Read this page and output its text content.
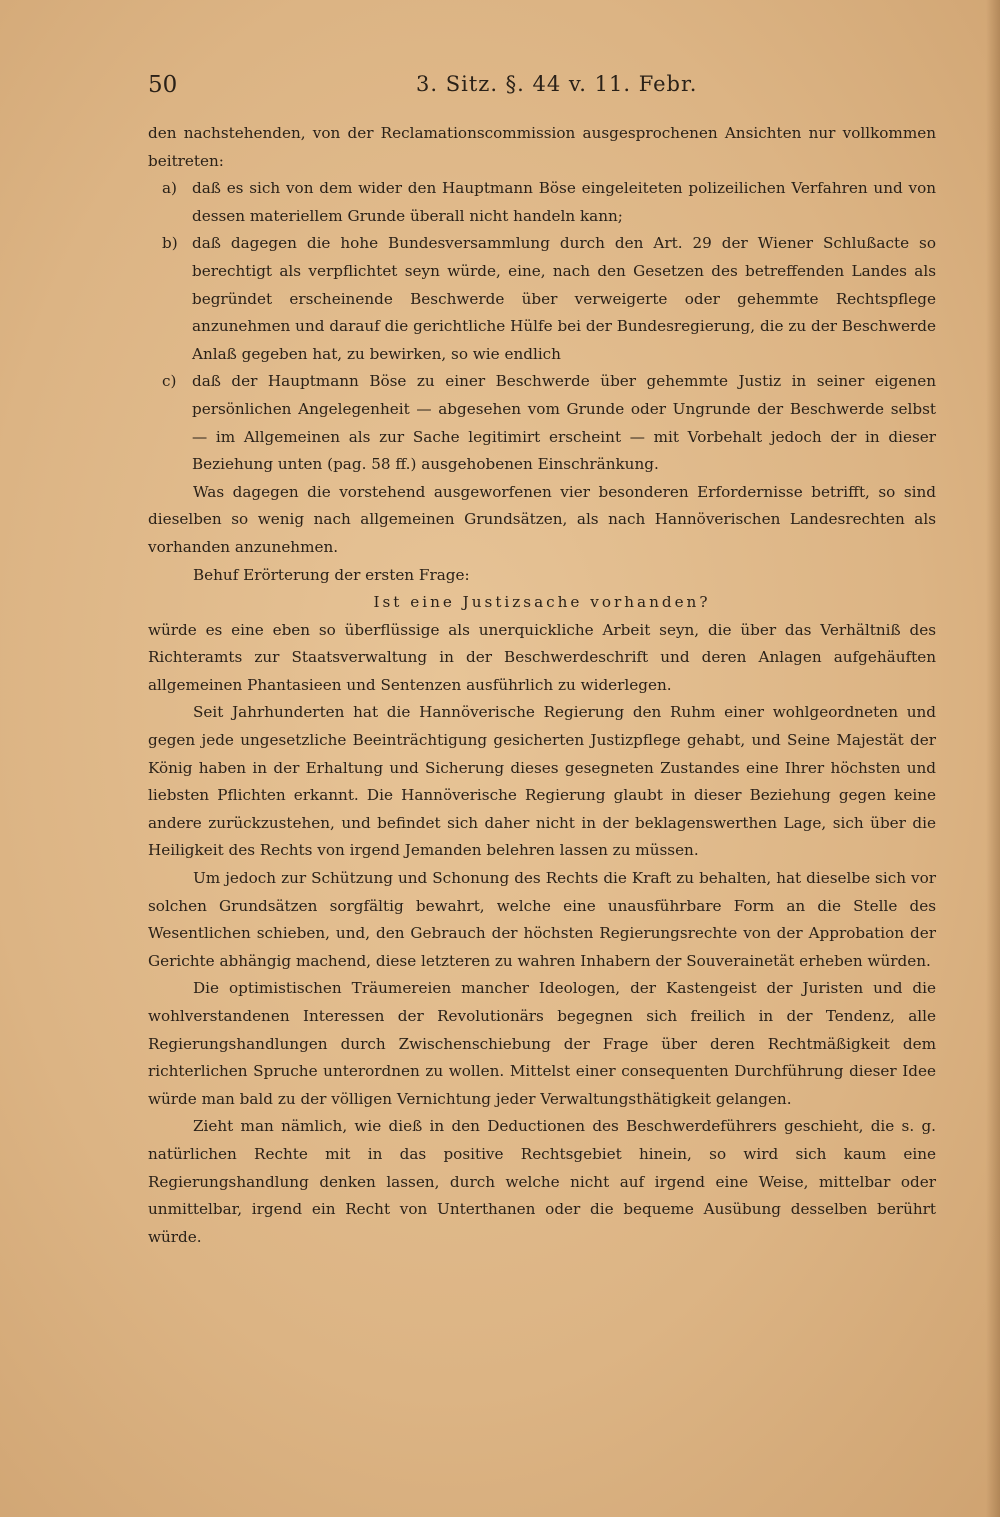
50	3. Sitz. §. 44 v. 11. Febr.

den nachstehenden, von der Reclamationscommission ausgesprochenen Ansichten nur vollkommen beitreten:

a) daß es sich von dem wider den Hauptmann Böse eingeleiteten polizeilichen Verfahren und von dessen materiellem Grunde überall nicht handeln kann;
b) daß dagegen die hohe Bundesversammlung durch den Art. 29 der Wiener Schlußacte so berechtigt als verpflichtet seyn würde, eine, nach den Gesetzen des betreffenden Landes als begründet erscheinende Beschwerde über verweigerte oder gehemmte Rechtspflege anzunehmen und darauf die gerichtliche Hülfe bei der Bundesregierung, die zu der Beschwerde Anlaß gegeben hat, zu bewirken, so wie endlich
c)	daß der Hauptmann Böse zu einer Beschwerde über gehemmte Justiz in seiner eigenen persönlichen Angelegenheit — abgesehen vom Grunde oder Ungrunde der Beschwerde selbst — im Allgemeinen als zur Sache legitimirt erscheint — mit Vorbehalt jedoch der in dieser Beziehung unten (pag. 58 ff.) ausgehobenen Einschränkung.

Was dagegen die vorstehend ausgeworfenen vier besonderen Erfordernisse betrifft, so sind dieselben so wenig nach allgemeinen Grundsätzen, als nach Hannöverischen Landesrechten als vorhanden anzunehmen.

Behuf Erörterung der ersten Frage:

Ist eine Justizsache vorhanden?

würde es eine eben so überflüssige als unerquickliche Arbeit seyn, die über das Verhältniß des Richteramts zur Staatsverwaltung in der Beschwerdeschrift und deren Anlagen aufgehäuften allgemeinen Phantasieen und Sentenzen ausführlich zu widerlegen.

Seit Jahrhunderten hat die Hannöverische Regierung den Ruhm einer wohlgeordneten und gegen jede ungesetzliche Beeinträchtigung gesicherten Justizpflege gehabt, und Seine Majestät der König haben in der Erhaltung und Sicherung dieses gesegneten Zustandes eine Ihrer höchsten und liebsten Pflichten erkannt. Die Hannöverische Regierung glaubt in dieser Beziehung gegen keine andere zurückzustehen, und befindet sich daher nicht in der beklagenswerthen Lage, sich über die Heiligkeit des Rechts von irgend Jemanden belehren lassen zu müssen.

Um jedoch zur Schützung und Schonung des Rechts die Kraft zu behalten, hat dieselbe sich vor solchen Grundsätzen sorgfältig bewahrt, welche eine unausführbare Form an die Stelle des Wesentlichen schieben, und, den Gebrauch der höchsten Regierungsrechte von der Approbation der Gerichte abhängig machend, diese letzteren zu wahren Inhabern der Souverainetät erheben würden.

Die optimistischen Träumereien mancher Ideologen, der Kastengeist der Juristen und die wohlverstandenen Interessen der Revolutionärs begegnen sich freilich in der Tendenz, alle Regierungshandlungen durch Zwischenschiebung der Frage über deren Rechtmäßigkeit dem richterlichen Spruche unterordnen zu wollen. Mittelst einer consequenten Durchführung dieser Idee würde man bald zu der völligen Vernichtung jeder Verwaltungsthätigkeit gelangen.

Zieht man nämlich, wie dieß in den Deductionen des Beschwerdeführers geschieht, die s. g. natürlichen Rechte mit in das positive Rechtsgebiet hinein, so wird sich kaum eine Regierungshandlung denken lassen, durch welche nicht auf irgend eine Weise, mittelbar oder unmittelbar, irgend ein Recht von Unterthanen oder die bequeme Ausübung desselben berührt würde.
